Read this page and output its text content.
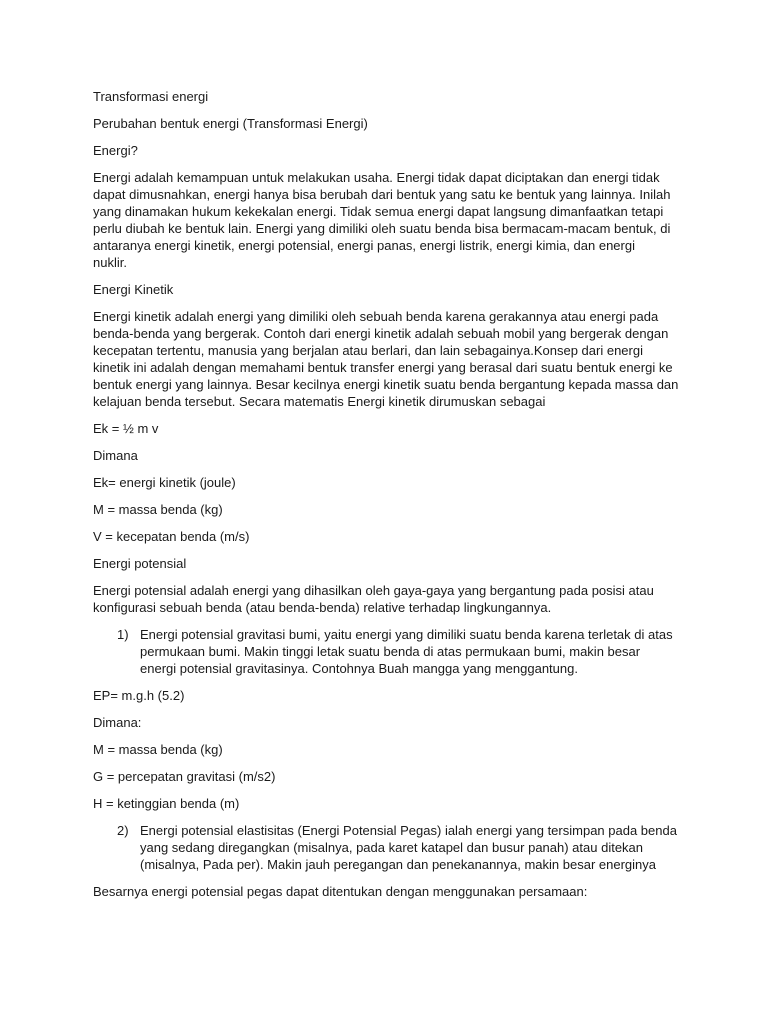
Transformasi energi

Perubahan bentuk energi (Transformasi Energi)

Energi?

Energi adalah kemampuan untuk melakukan usaha. Energi tidak dapat diciptakan dan energi tidak
dapat dimusnahkan, energi hanya bisa berubah dari bentuk yang satu ke bentuk yang lainnya. Inilah
yang dinamakan hukum kekekalan energi. Tidak semua energi dapat langsung dimanfaatkan tetapi
perlu diubah ke bentuk lain. Energi yang dimiliki oleh suatu benda bisa bermacam-macam bentuk, di
antaranya energi kinetik, energi potensial, energi panas, energi listrik, energi kimia, dan energi
nuklir.

Energi Kinetik

Energi kinetik adalah energi yang dimiliki oleh sebuah benda karena gerakannya atau energi pada
benda-benda yang bergerak. Contoh dari energi kinetik adalah sebuah mobil yang bergerak dengan
kecepatan tertentu, manusia yang berjalan atau berlari, dan lain sebagainya.Konsep dari energi
kinetik ini adalah dengan memahami bentuk transfer energi yang berasal dari suatu bentuk energi ke
bentuk energi yang lainnya. Besar kecilnya energi kinetik suatu benda bergantung kepada massa dan
kelajuan benda tersebut. Secara matematis Energi kinetik dirumuskan sebagai

Ek = ½ m v

Dimana

Ek= energi kinetik (joule)

M = massa benda (kg)

V = kecepatan benda (m/s)

Energi potensial

Energi potensial adalah energi yang dihasilkan oleh gaya-gaya yang bergantung pada posisi atau
konfigurasi sebuah benda (atau benda-benda) relative terhadap lingkungannya.
1) Energi potensial gravitasi bumi, yaitu energi yang dimiliki suatu benda karena terletak di atas
permukaan bumi. Makin tinggi letak suatu benda di atas permukaan bumi, makin besar
energi potensial gravitasinya. Contohnya Buah mangga yang menggantung.

EP= m.g.h (5.2)

Dimana:

M = massa benda (kg)

G = percepatan gravitasi (m/s2)

H = ketinggian benda (m)

2) Energi potensial elastisitas (Energi Potensial Pegas) ialah energi yang tersimpan pada benda
yang sedang diregangkan (misalnya, pada karet katapel dan busur panah) atau ditekan
(misalnya, Pada per). Makin jauh peregangan dan penekanannya, makin besar energinya

Besarnya energi potensial pegas dapat ditentukan dengan menggunakan persamaan:
